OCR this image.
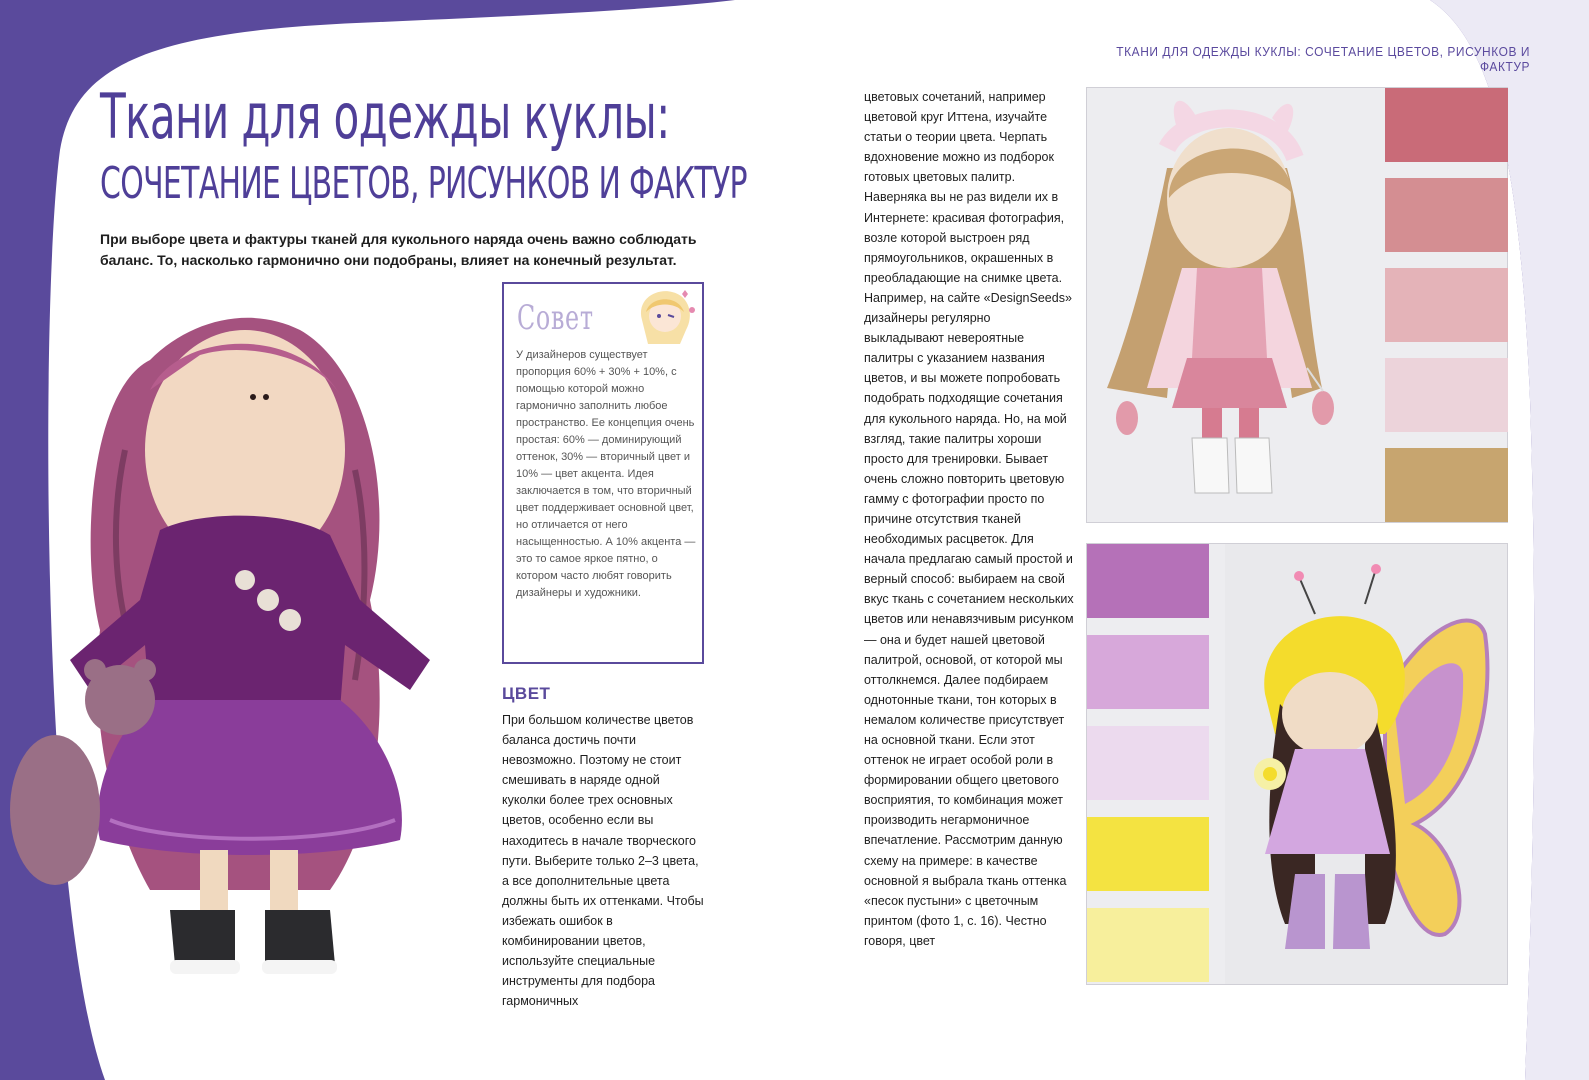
ТКАНИ ДЛЯ ОДЕЖДЫ КУКЛЫ: СОЧЕТАНИЕ ЦВЕТОВ, РИСУНКОВ И ФАКТУР
Ткани для одежды куклы:
СОЧЕТАНИЕ ЦВЕТОВ, РИСУНКОВ И ФАКТУР
При выборе цвета и фактуры тканей для кукольного наряда очень важно соблюдать баланс. То, насколько гармонично они подобраны, влияет на конечный результат.
Совет
У дизайнеров существует пропорция 60% + 30% + 10%, с помощью которой можно гармонично заполнить любое пространство. Ее концепция очень простая: 60% — доминирующий оттенок, 30% — вторичный цвет и 10% — цвет акцента. Идея заключается в том, что вторичный цвет поддерживает основной цвет, но отличается от него насыщенностью. А 10% акцента — это то самое яркое пятно, о котором часто любят говорить дизайнеры и художники.
ЦВЕТ
При большом количестве цветов баланса достичь почти невозможно. Поэтому не стоит смешивать в наряде одной куколки более трех основных цветов, особенно если вы находитесь в начале творческого пути. Выберите только 2–3 цвета, а все дополнительные цвета должны быть их оттенками. Чтобы избежать ошибок в комбинировании цветов, используйте специальные инструменты для подбора гармоничных
цветовых сочетаний, например цветовой круг Иттена, изучайте статьи о теории цвета. Черпать вдохновение можно из подборок готовых цветовых палитр. Наверняка вы не раз видели их в Интернете: красивая фотография, возле которой выстроен ряд прямоугольников, окрашенных в преобладающие на снимке цвета. Например, на сайте «DesignSeeds» дизайнеры регулярно выкладывают невероятные палитры с указанием названия цветов, и вы можете попробовать подобрать подходящие сочетания для кукольного наряда. Но, на мой взгляд, такие палитры хороши просто для тренировки. Бывает очень сложно повторить цветовую гамму с фотографии просто по причине отсутствия тканей необходимых расцветок. Для начала предлагаю самый простой и верный способ: выбираем на свой вкус ткань с сочетанием нескольких цветов или ненавязчивым рисунком — она и будет нашей цветовой палитрой, основой, от которой мы оттолкнемся. Далее подбираем однотонные ткани, тон которых в немалом количестве присутствует на основной ткани. Если этот оттенок не играет особой роли в формировании общего цветового восприятия, то комбинация может производить негармоничное впечатление. Рассмотрим данную схему на примере: в качестве основной я выбрала ткань оттенка «песок пустыни» с цветочным принтом (фото 1, с. 16). Честно говоря, цвет
